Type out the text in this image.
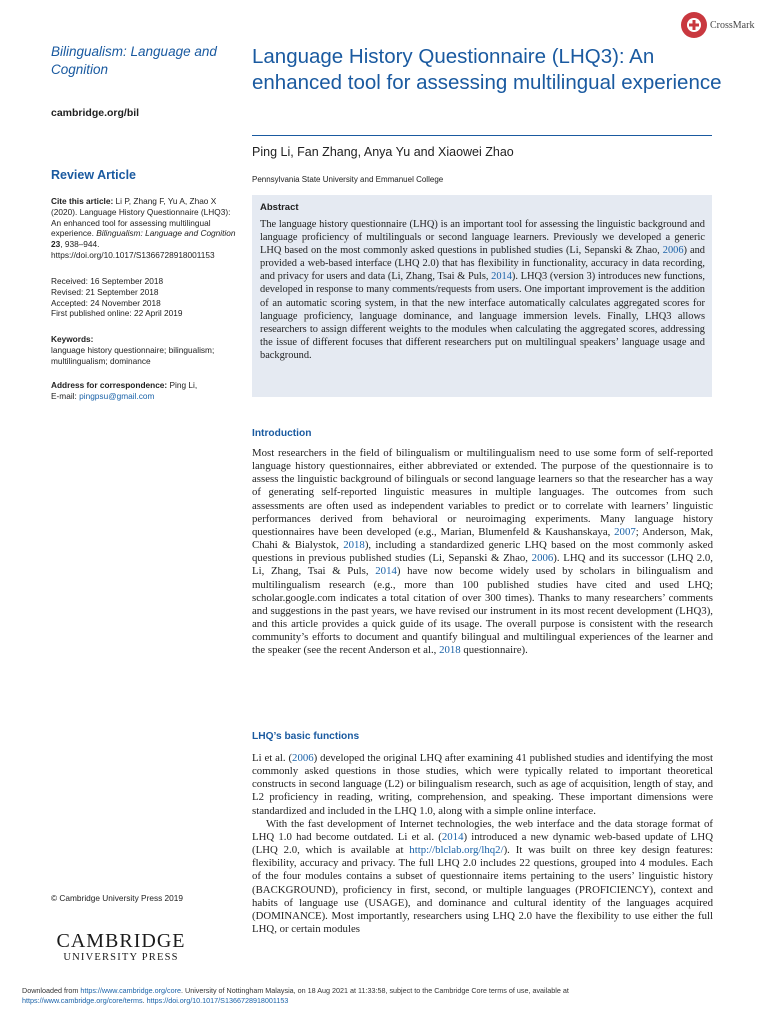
CrossMark
Bilingualism: Language and Cognition
cambridge.org/bil
Review Article
Cite this article: Li P, Zhang F, Yu A, Zhao X (2020). Language History Questionnaire (LHQ3): An enhanced tool for assessing multilingual experience. Bilingualism: Language and Cognition 23, 938–944. https://doi.org/10.1017/S1366728918001153
Received: 16 September 2018
Revised: 21 September 2018
Accepted: 24 November 2018
First published online: 22 April 2019
Keywords:
language history questionnaire; bilingualism; multilingualism; dominance
Address for correspondence: Ping Li,
E-mail: pingpsu@gmail.com
© Cambridge University Press 2019
CAMBRIDGE
UNIVERSITY PRESS
Language History Questionnaire (LHQ3): An enhanced tool for assessing multilingual experience
Ping Li, Fan Zhang, Anya Yu and Xiaowei Zhao
Pennsylvania State University and Emmanuel College
Abstract

The language history questionnaire (LHQ) is an important tool for assessing the linguistic background and language proficiency of multilinguals or second language learners. Previously we developed a generic LHQ based on the most commonly asked questions in published studies (Li, Sepanski & Zhao, 2006) and provided a web-based interface (LHQ 2.0) that has flexibility in functionality, accuracy in data recording, and privacy for users and data (Li, Zhang, Tsai & Puls, 2014). LHQ3 (version 3) introduces new functions, developed in response to many comments/requests from users. One important improvement is the addition of an automatic scoring system, in that the new interface automatically calculates aggregated scores for language proficiency, language dominance, and language immersion levels. Finally, LHQ3 allows researchers to assign different weights to the modules when calculating the aggregated scores, addressing the issue of different focuses that different researchers put on multilingual speakers’ language usage and background.

Introduction

Most researchers in the field of bilingualism or multilingualism need to use some form of self-reported language history questionnaires, either abbreviated or extended. The purpose of the questionnaire is to assess the linguistic background of bilinguals or second language learners so that the researcher has a way of generating self-reported linguistic measures in multiple languages. The outcomes from such assessments are often used as independent variables to predict or to correlate with learners’ linguistic performances derived from behavioral or neuroimaging experiments. Many language history questionnaires have been developed (e.g., Marian, Blumenfeld & Kaushanskaya, 2007; Anderson, Mak, Chahi & Bialystok, 2018), including a standardized generic LHQ based on the most commonly asked questions in previous published studies (Li, Sepanski & Zhao, 2006). LHQ and its successor (LHQ 2.0, Li, Zhang, Tsai & Puls, 2014) have now become widely used by scholars in bilingualism and multilingualism research (e.g., more than 100 published studies have cited and used LHQ; scholar.google.com indicates a total citation of over 300 times). Thanks to many researchers’ comments and suggestions in the past years, we have revised our instrument in its most recent development (LHQ3), and this article provides a quick guide of its usage. The overall purpose is consistent with the research community’s efforts to document and quantify bilingual and multilingual experiences of the learner and the speaker (see the recent Anderson et al., 2018 questionnaire).

LHQ’s basic functions

Li et al. (2006) developed the original LHQ after examining 41 published studies and identifying the most commonly asked questions in those studies, which were typically related to important theoretical constructs in second language (L2) or bilingualism research, such as age of acquisition, length of stay, and L2 proficiency in reading, writing, comprehension, and speaking. These important dimensions were standardized and included in the LHQ 1.0, along with a simple online interface.

With the fast development of Internet technologies, the web interface and the data storage format of LHQ 1.0 had become outdated. Li et al. (2014) introduced a new dynamic web-based update of LHQ (LHQ 2.0, which is available at http://blclab.org/lhq2/). It was built on three key design features: flexibility, accuracy and privacy. The full LHQ 2.0 includes 22 questions, grouped into 4 modules. Each of the four modules contains a subset of questionnaire items pertaining to the users’ linguistic history (BACKGROUND), proficiency in first, second, or multiple languages (PROFICIENCY), context and habits of language use (USAGE), and dominance and cultural identity of the languages acquired (DOMINANCE). Most importantly, researchers using LHQ 2.0 have the flexibility to use either the full LHQ, or certain modules

Downloaded from https://www.cambridge.org/core. University of Nottingham Malaysia, on 18 Aug 2021 at 11:33:58, subject to the Cambridge Core terms of use, available at
https://www.cambridge.org/core/terms. https://doi.org/10.1017/S1366728918001153
